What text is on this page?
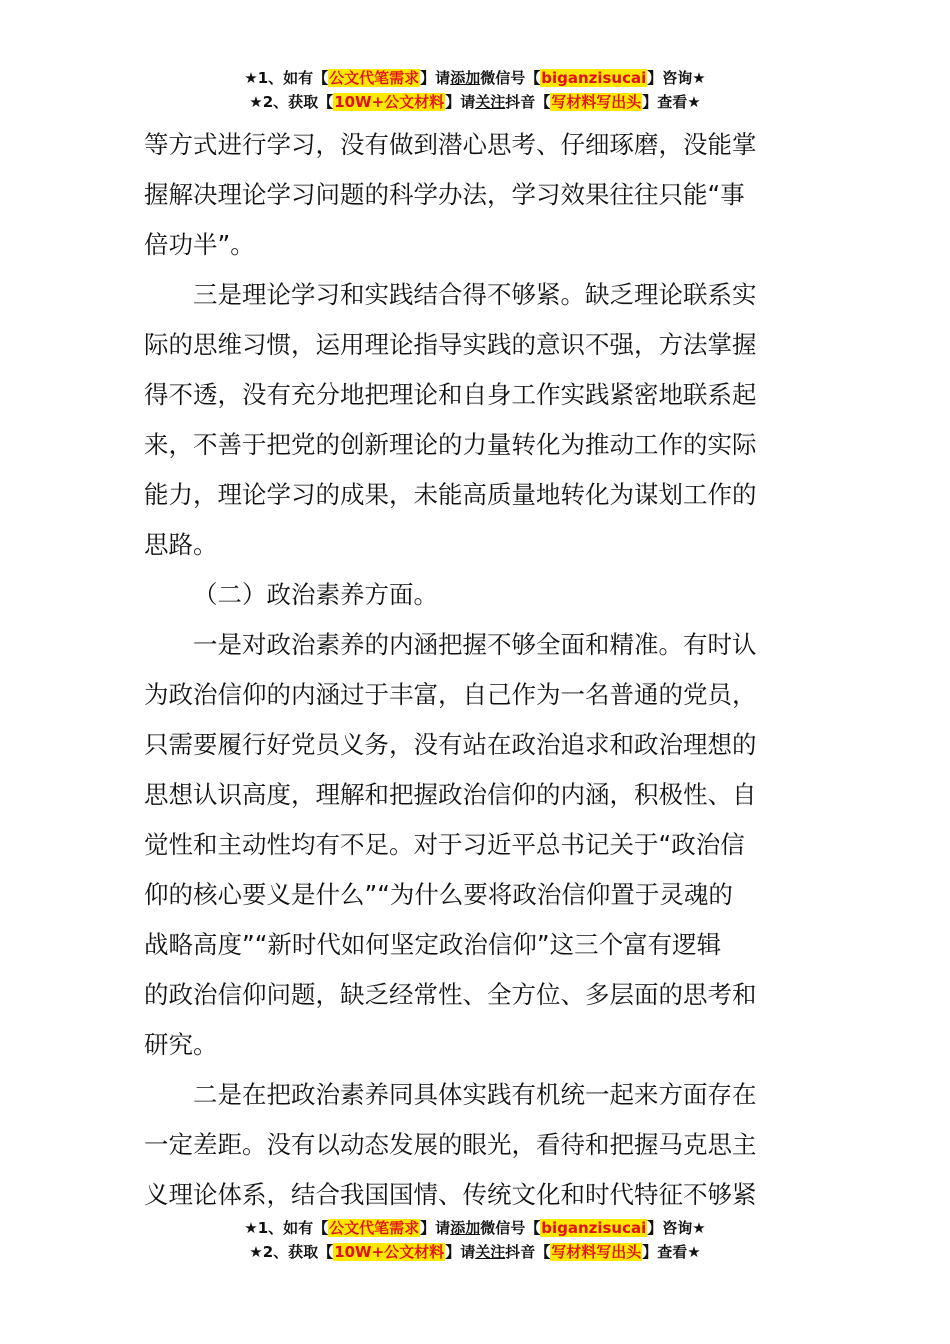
★1、如有【公文代笔需求】请添加微信号【biganzisucai】咨询★
★2、获取【10W+公文材料】请关注抖音【写材料写出头】查看★
等方式进行学习，没有做到潜心思考、仔细琢磨，没能掌
握解决理论学习问题的科学办法，学习效果往往只能“事
倍功半”。
三是理论学习和实践结合得不够紧。缺乏理论联系实
际的思维习惯，运用理论指导实践的意识不强，方法掌握
得不透，没有充分地把理论和自身工作实践紧密地联系起
来，不善于把党的创新理论的力量转化为推动工作的实际
能力，理论学习的成果，未能高质量地转化为谋划工作的
思路。
（二）政治素养方面。
一是对政治素养的内涵把握不够全面和精准。有时认
为政治信仰的内涵过于丰富，自己作为一名普通的党员，
只需要履行好党员义务，没有站在政治追求和政治理想的
思想认识高度，理解和把握政治信仰的内涵，积极性、自
觉性和主动性均有不足。对于习近平总书记关于“政治信
仰的核心要义是什么”“为什么要将政治信仰置于灵魂的
战略高度”“新时代如何坚定政治信仰”这三个富有逻辑
的政治信仰问题，缺乏经常性、全方位、多层面的思考和
研究。
二是在把政治素养同具体实践有机统一起来方面存在
一定差距。没有以动态发展的眼光，看待和把握马克思主
义理论体系，结合我国国情、传统文化和时代特征不够紧
★1、如有【公文代笔需求】请添加微信号【biganzisucai】咨询★
★2、获取【10W+公文材料】请关注抖音【写材料写出头】查看★
